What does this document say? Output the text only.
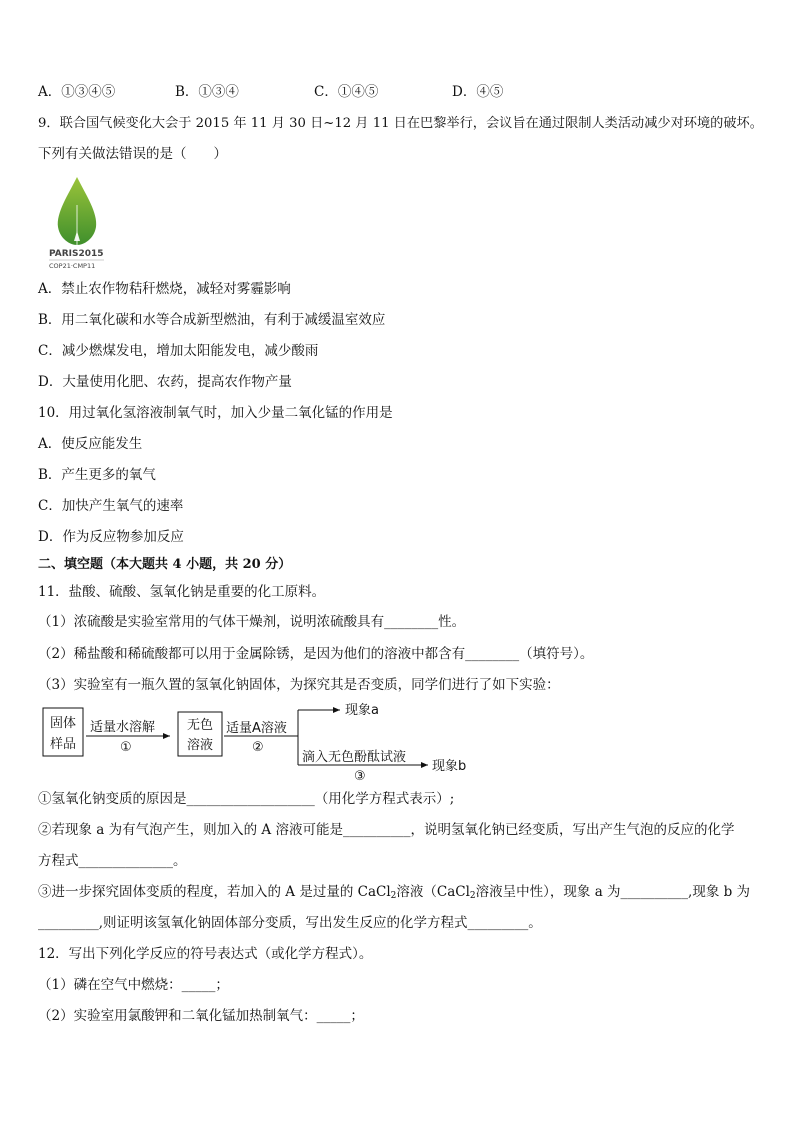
A．①③④⑤	B．①③④	C．①④⑤	D．④⑤
9．联合国气候变化大会于 2015 年 11 月 30 日~12 月 11 日在巴黎举行，会议旨在通过限制人类活动减少对环境的破坏。
下列有关做法错误的是（　　）
PARIS2015
COP21·CMP11
A．禁止农作物秸秆燃烧，减轻对雾霾影响
B．用二氧化碳和水等合成新型燃油，有利于减缓温室效应
C．减少燃煤发电，增加太阳能发电，减少酸雨
D．大量使用化肥、农药，提高农作物产量
10．用过氧化氢溶液制氧气时，加入少量二氧化锰的作用是
A．使反应能发生
B．产生更多的氧气
C．加快产生氧气的速率
D．作为反应物参加反应
二、填空题（本大题共 4 小题，共 20 分）
11．盐酸、硫酸、氢氧化钠是重要的化工原料。
（1）浓硫酸是实验室常用的气体干燥剂，说明浓硫酸具有________性。
（2）稀盐酸和稀硫酸都可以用于金属除锈，是因为他们的溶液中都含有________（填符号）。
（3）实验室有一瓶久置的氢氧化钠固体，为探究其是否变质，同学们进行了如下实验：
固体
样品
适量水溶解
①
无色
溶液
适量A溶液
②
现象a
滴入无色酚酞试液
③
现象b
①氢氧化钠变质的原因是___________________（用化学方程式表示）;
②若现象 a 为有气泡产生，则加入的 A 溶液可能是__________，说明氢氧化钠已经变质，写出产生气泡的反应的化学
方程式______________。
③进一步探究固体变质的程度，若加入的 A 是过量的 CaCl$_2$溶液（CaCl$_2$溶液呈中性），现象 a 为__________,现象 b 为
_________,则证明该氢氧化钠固体部分变质，写出发生反应的化学方程式_________。
12．写出下列化学反应的符号表达式（或化学方程式）。
（1）磷在空气中燃烧：_____；
（2）实验室用氯酸钾和二氧化锰加热制氧气：_____；
